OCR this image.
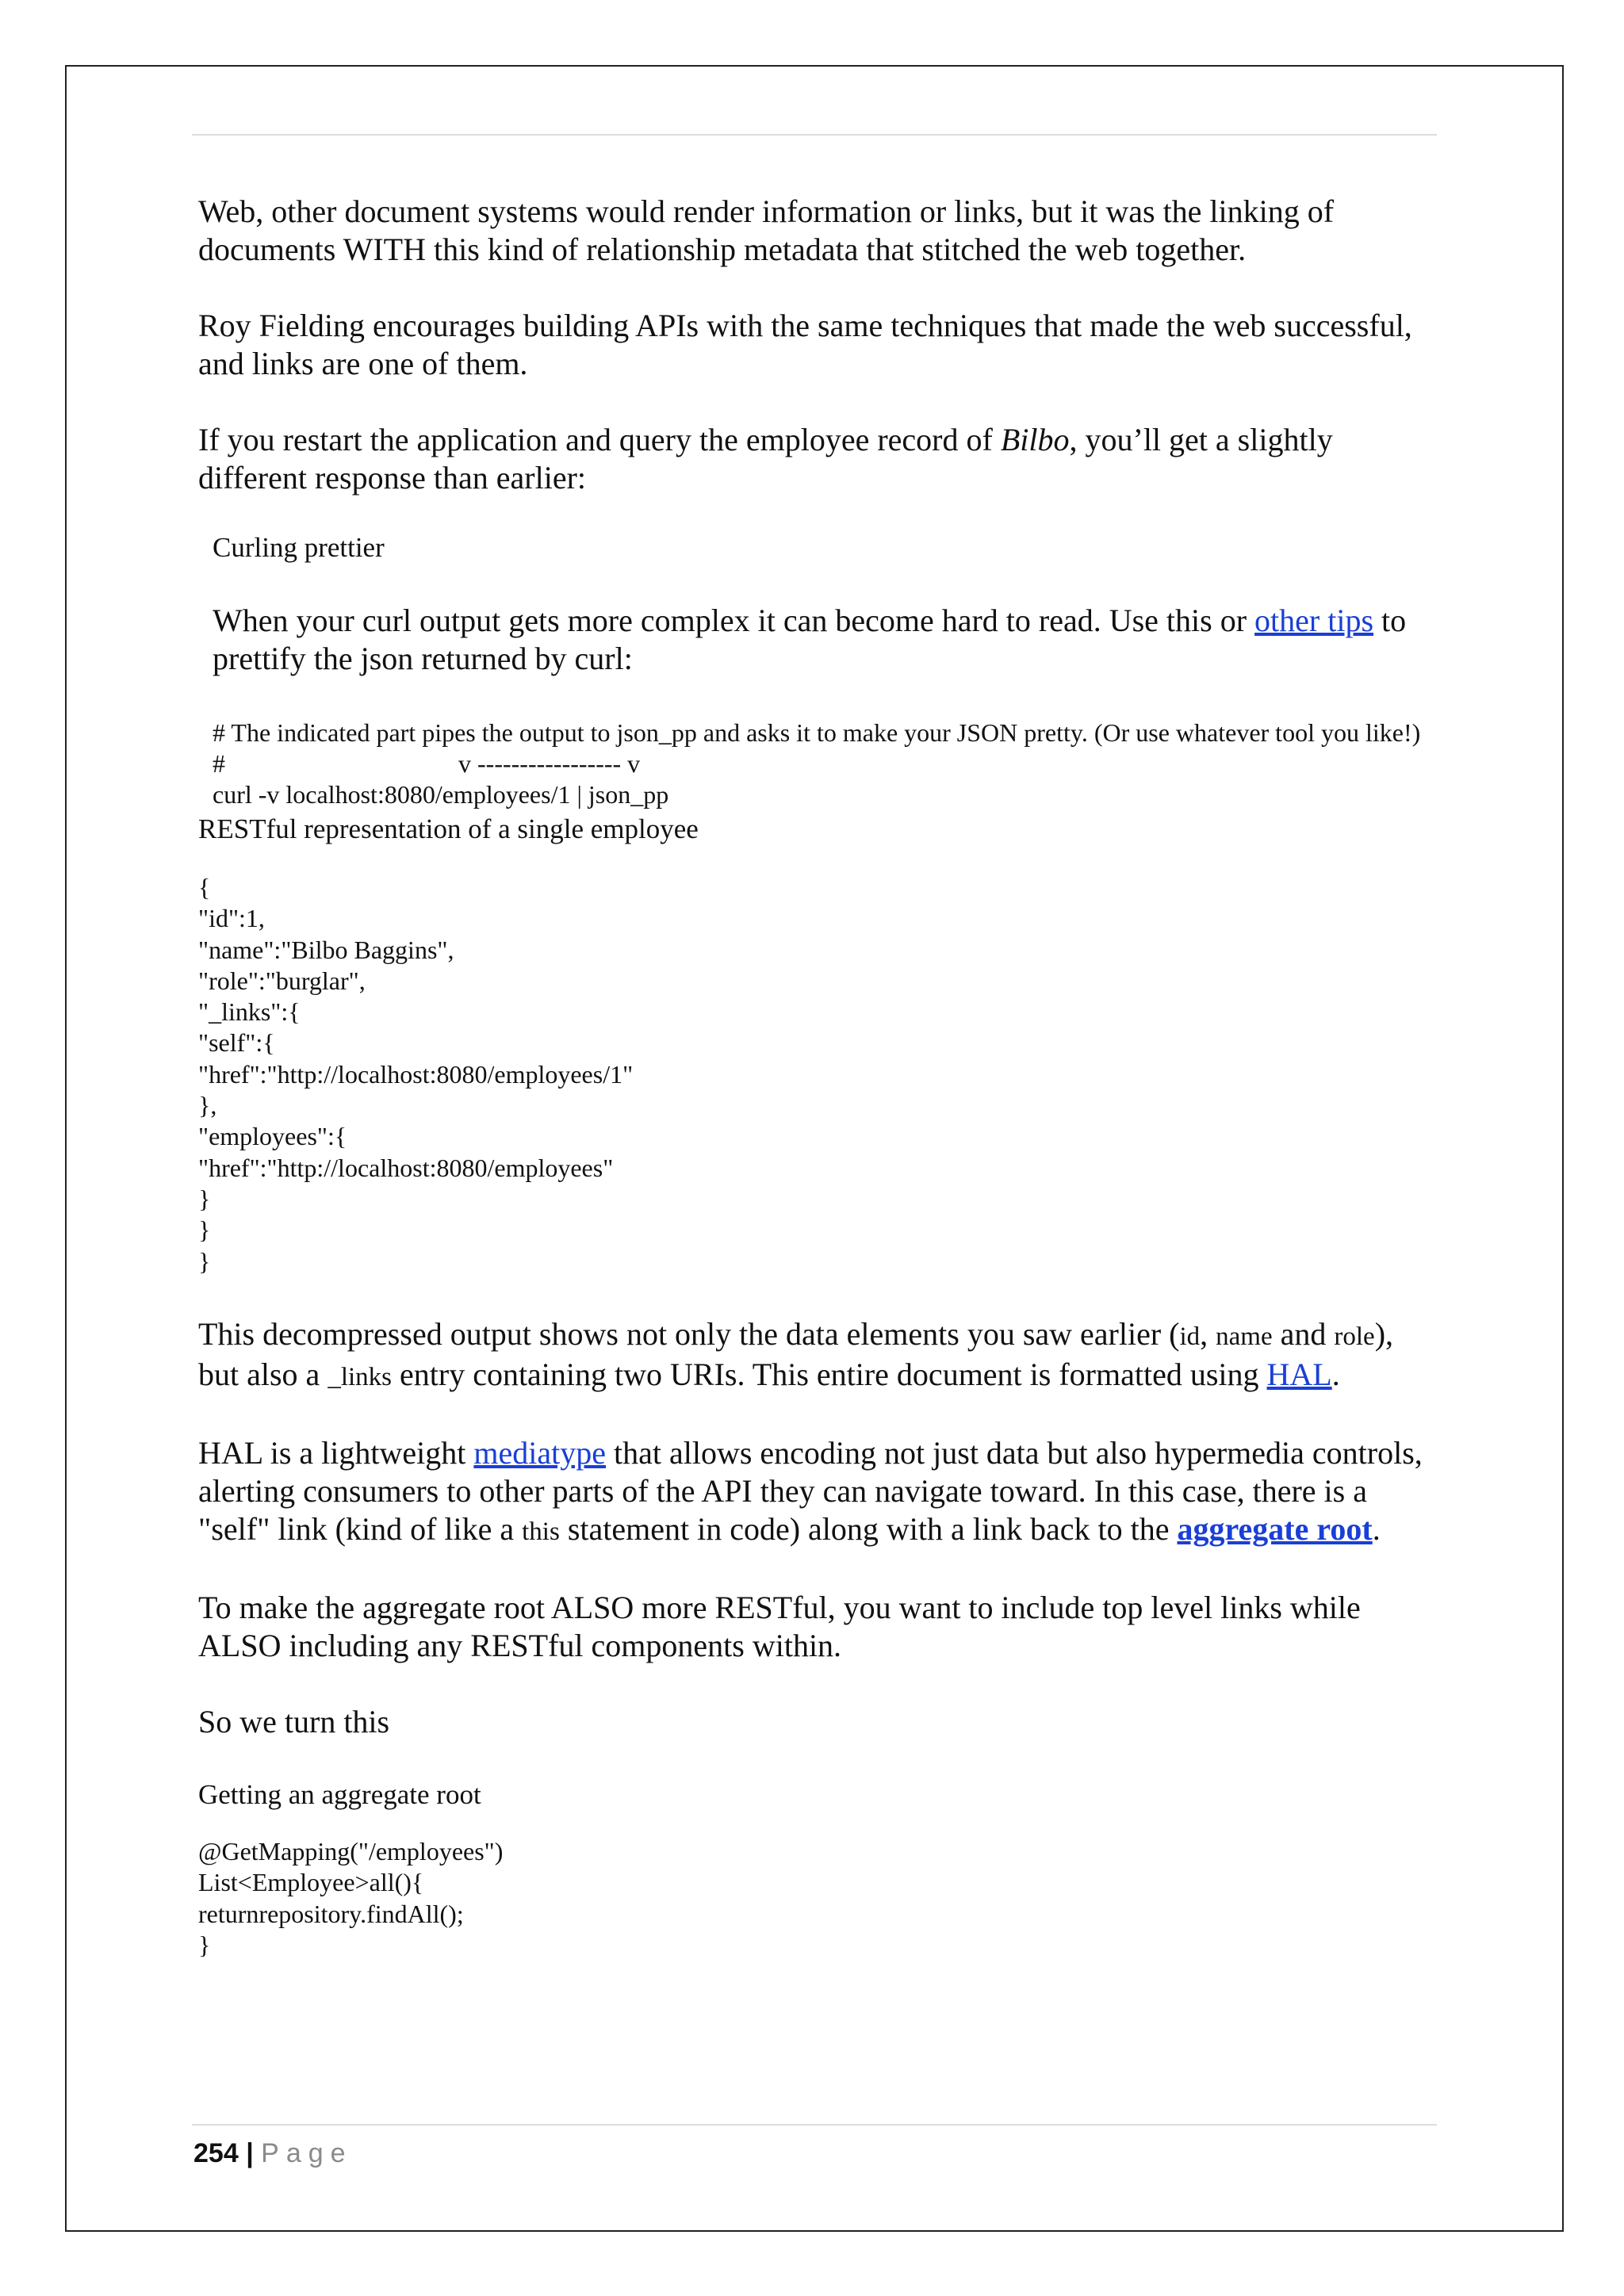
Web, other document systems would render information or links, but it was the linking of documents WITH this kind of relationship metadata that stitched the web together.

Roy Fielding encourages building APIs with the same techniques that made the web successful, and links are one of them.

If you restart the application and query the employee record of Bilbo, you’ll get a slightly different response than earlier:

Curling prettier

When your curl output gets more complex it can become hard to read. Use this or other tips to prettify the json returned by curl:

# The indicated part pipes the output to json_pp and asks it to make your JSON pretty. (Or use whatever tool you like!)
#	v ----------------- v
curl -v localhost:8080/employees/1 | json_pp

RESTful representation of a single employee

{
"id":1,
"name":"Bilbo Baggins",
"role":"burglar",
"_links":{
"self":{
"href":"http://localhost:8080/employees/1"
},
"employees":{
"href":"http://localhost:8080/employees"
}
}
}

This decompressed output shows not only the data elements you saw earlier (id, name and role), but also a _links entry containing two URIs. This entire document is formatted using HAL.

HAL is a lightweight mediatype that allows encoding not just data but also hypermedia controls, alerting consumers to other parts of the API they can navigate toward. In this case, there is a "self" link (kind of like a this statement in code) along with a link back to the aggregate root.

To make the aggregate root ALSO more RESTful, you want to include top level links while ALSO including any RESTful components within.

So we turn this

Getting an aggregate root

@GetMapping("/employees")
List<Employee>all(){
returnrepository.findAll();
}
254 | Page
